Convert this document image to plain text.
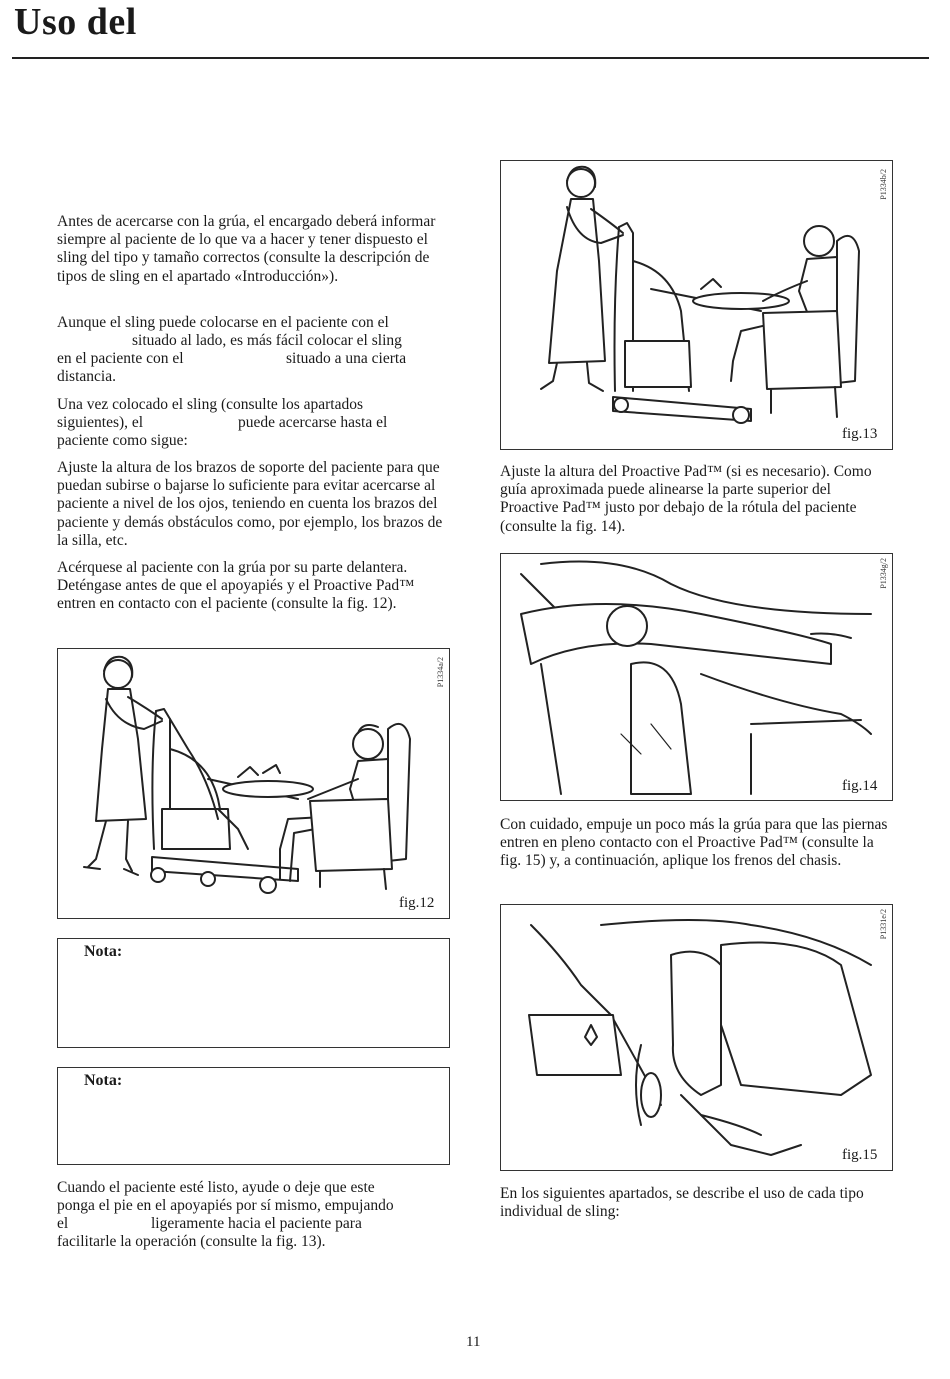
Uso del

Antes de acercarse con la grúa, el encargado deberá informar siempre al paciente de lo que va a hacer y tener dispuesto el sling del tipo y tamaño correctos (consulte la descripción de tipos de sling en el apartado «Introducción»).

Aunque el sling puede colocarse en el paciente con el
situado al lado, es más fácil colocar el sling
en el paciente con el	situado a una cierta
distancia.
Una vez colocado el sling (consulte los apartados
siguientes), el	puede acercarse hasta el
paciente como sigue:

Ajuste la altura de los brazos de soporte del paciente para que puedan subirse o bajarse lo suficiente para evitar acercarse al paciente a nivel de los ojos, teniendo en cuenta los brazos del paciente y demás obstáculos como, por ejemplo, los brazos de la silla, etc.

Acérquese al paciente con la grúa por su parte delantera. Deténgase antes de que el apoyapiés y el Proactive Pad™ entren en contacto con el paciente (consulte la fig. 12).

fig.12
P1334a/2
Nota:
Nota:
Cuando el paciente esté listo, ayude o deje que este
ponga el pie en el apoyapiés por sí mismo, empujando
el	ligeramente hacia el paciente para
facilitarle la operación (consulte la fig. 13).
fig.13
P1334b/2

Ajuste la altura del Proactive Pad™ (si es necesario). Como guía aproximada puede alinearse la parte superior del Proactive Pad™ justo por debajo de la rótula del paciente (consulte la fig. 14).

fig.14
P1334g/2

Con cuidado, empuje un poco más la grúa para que las piernas entren en pleno contacto con el Proactive Pad™ (consulte la fig. 15) y, a continuación, aplique los frenos del chasis.

fig.15
P1331e/2

En los siguientes apartados, se describe el uso de cada tipo individual de sling:

11
